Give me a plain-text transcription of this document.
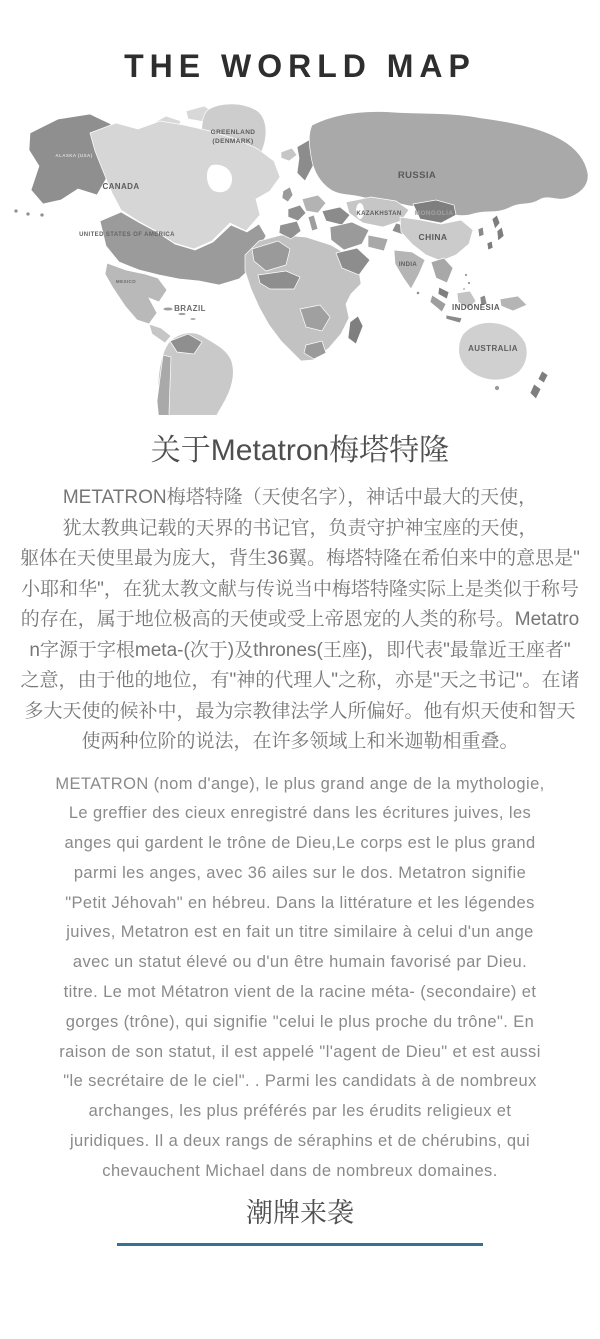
THE WORLD MAP
GREENLAND
(DENMARK)
CANADA
ALASKA (USA)
UNITED STATES OF AMERICA
MEXICO
BRAZIL
RUSSIA
KAZAKHSTAN MONGOLIA
CHINA
INDIA
INDONESIA
AUSTRALIA
关于Metatron梅塔特隆
METATRON梅塔特隆（天使名字），神话中最大的天使，
犹太教典记载的天界的书记官，负责守护神宝座的天使，
躯体在天使里最为庞大，背生36翼。梅塔特隆在希伯来中的意思是"
小耶和华"，在犹太教文献与传说当中梅塔特隆实际上是类似于称号
的存在，属于地位极高的天使或受上帝恩宠的人类的称号。Metatro
n字源于字根meta-(次于)及thrones(王座)，即代表"最靠近王座者"
之意，由于他的地位，有"神的代理人"之称，亦是"天之书记"。在诸
多大天使的候补中，最为宗教律法学人所偏好。他有炽天使和智天
使两种位阶的说法，在许多领域上和米迦勒相重叠。
METATRON (nom d'ange), le plus grand ange de la mythologie,
Le greffier des cieux enregistré dans les écritures juives, les
anges qui gardent le trône de Dieu,Le corps est le plus grand
parmi les anges, avec 36 ailes sur le dos. Metatron signifie
"Petit Jéhovah" en hébreu. Dans la littérature et les légendes
juives, Metatron est en fait un titre similaire à celui d'un ange
avec un statut élevé ou d'un être humain favorisé par Dieu.
titre. Le mot Métatron vient de la racine méta- (secondaire) et
gorges (trône), qui signifie "celui le plus proche du trône". En
raison de son statut, il est appelé "l'agent de Dieu" et est aussi
"le secrétaire de le ciel". . Parmi les candidats à de nombreux
archanges, les plus préférés par les érudits religieux et
juridiques. Il a deux rangs de séraphins et de chérubins, qui
chevauchent Michael dans de nombreux domaines.
潮牌来袭
